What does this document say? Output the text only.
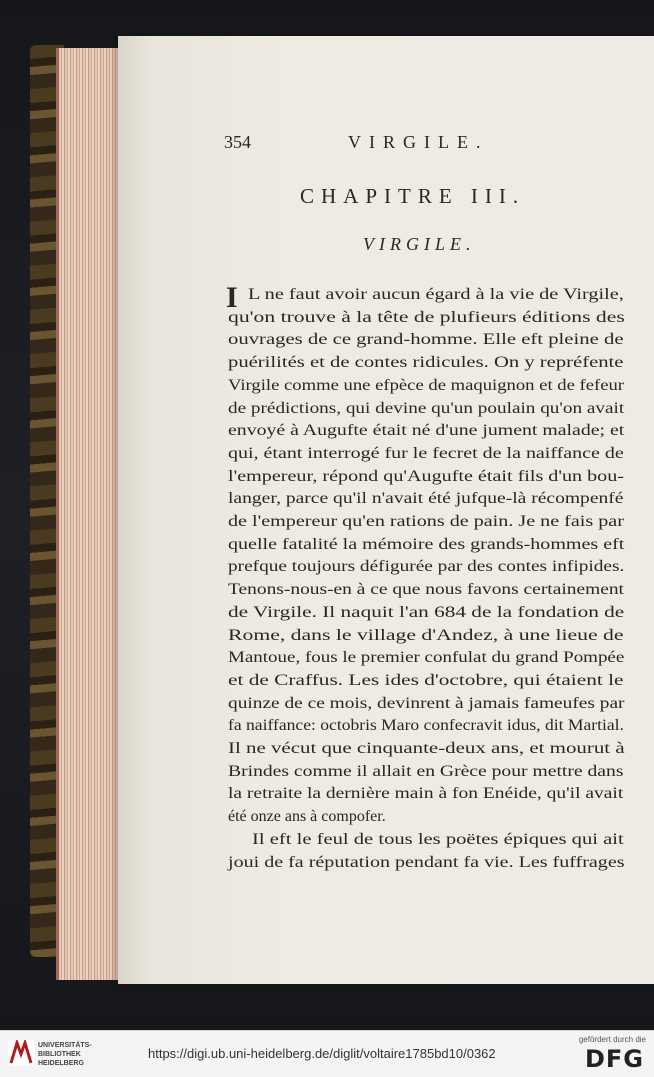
354	VIRGILE.
CHAPITRE III.
VIRGILE.
I L ne faut avoir aucun égard à la vie de Virgile,
qu'on trouve à la tête de plufieurs éditions des
ouvrages de ce grand-homme. Elle eft pleine de
puérilités et de contes ridicules. On y repréfente
Virgile comme une efpèce de maquignon et de fefeur
de prédictions, qui devine qu'un poulain qu'on avait
envoyé à Augufte était né d'une jument malade; et
qui, étant interrogé fur le fecret de la naiffance de
l'empereur, répond qu'Augufte était fils d'un bou-
langer, parce qu'il n'avait été jufque-là récompenfé
de l'empereur qu'en rations de pain. Je ne fais par
quelle fatalité la mémoire des grands-hommes eft
prefque toujours défigurée par des contes infipides.
Tenons-nous-en à ce que nous favons certainement
de Virgile. Il naquit l'an 684 de la fondation de
Rome, dans le village d'Andez, à une lieue de
Mantoue, fous le premier confulat du grand Pompée
et de Craffus. Les ides d'octobre, qui étaient le
quinze de ce mois, devinrent à jamais fameufes par
fa naiffance: octobris Maro confecravit idus, dit Martial.
Il ne vécut que cinquante-deux ans, et mourut à
Brindes comme il allait en Grèce pour mettre dans
la retraite la dernière main à fon Enéide, qu'il avait
été onze ans à compofer.
Il eft le feul de tous les poëtes épiques qui ait
joui de fa réputation pendant fa vie. Les fuffrages
UNIVERSITÄTS-
BIBLIOTHEK
HEIDELBERG
https://digi.ub.uni-heidelberg.de/diglit/voltaire1785bd10/0362
gefördert durch die
DFG
